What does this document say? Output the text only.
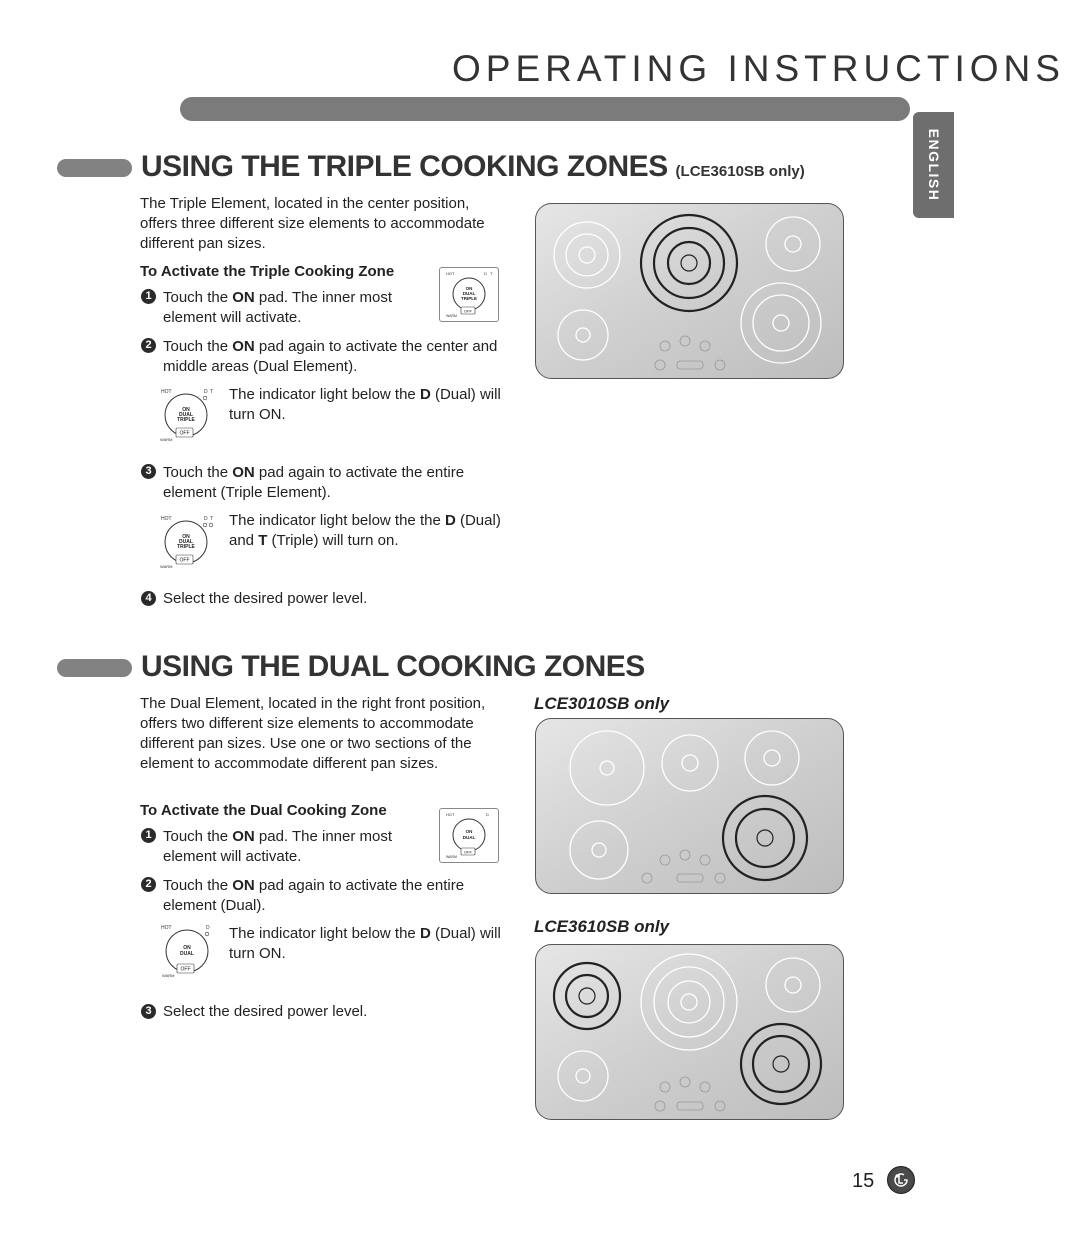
OPERATING INSTRUCTIONS
ENGLISH
USING THE TRIPLE COOKING ZONES (LCE3610SB only)
The Triple Element, located in the center position, offers three different size elements to accommodate different pan sizes.
To Activate the Triple Cooking Zone
1 Touch the ON pad. The inner most element will activate.
HOT	D T
ON
DUAL
TRIPLE
OFF
WARM
2 Touch the ON pad again to activate the center and middle areas (Dual Element).
HOT	D T
ON
DUAL
TRIPLE
OFF
WARM
The indicator light below the D (Dual) will turn ON.
3 Touch the ON pad again to activate the entire element (Triple Element).
HOT	D T
ON
DUAL
TRIPLE
OFF
WARM
The indicator light below the the D (Dual) and T (Triple) will turn on.
4 Select the desired power level.
USING THE DUAL COOKING ZONES
The Dual Element, located in the right front position, offers two different size elements to accommodate different pan sizes. Use one or two sections of the element to accommodate different pan sizes.
To Activate the Dual Cooking Zone
1 Touch the ON pad. The inner most element will activate.
HOT	D
ON
DUAL
OFF
WARM
2 Touch the ON pad again to activate the entire element (Dual).
HOT	D
ON
DUAL
OFF
WARM
The indicator light below the D (Dual) will turn ON.
3 Select the desired power level.
LCE3010SB only
LCE3610SB only
15
